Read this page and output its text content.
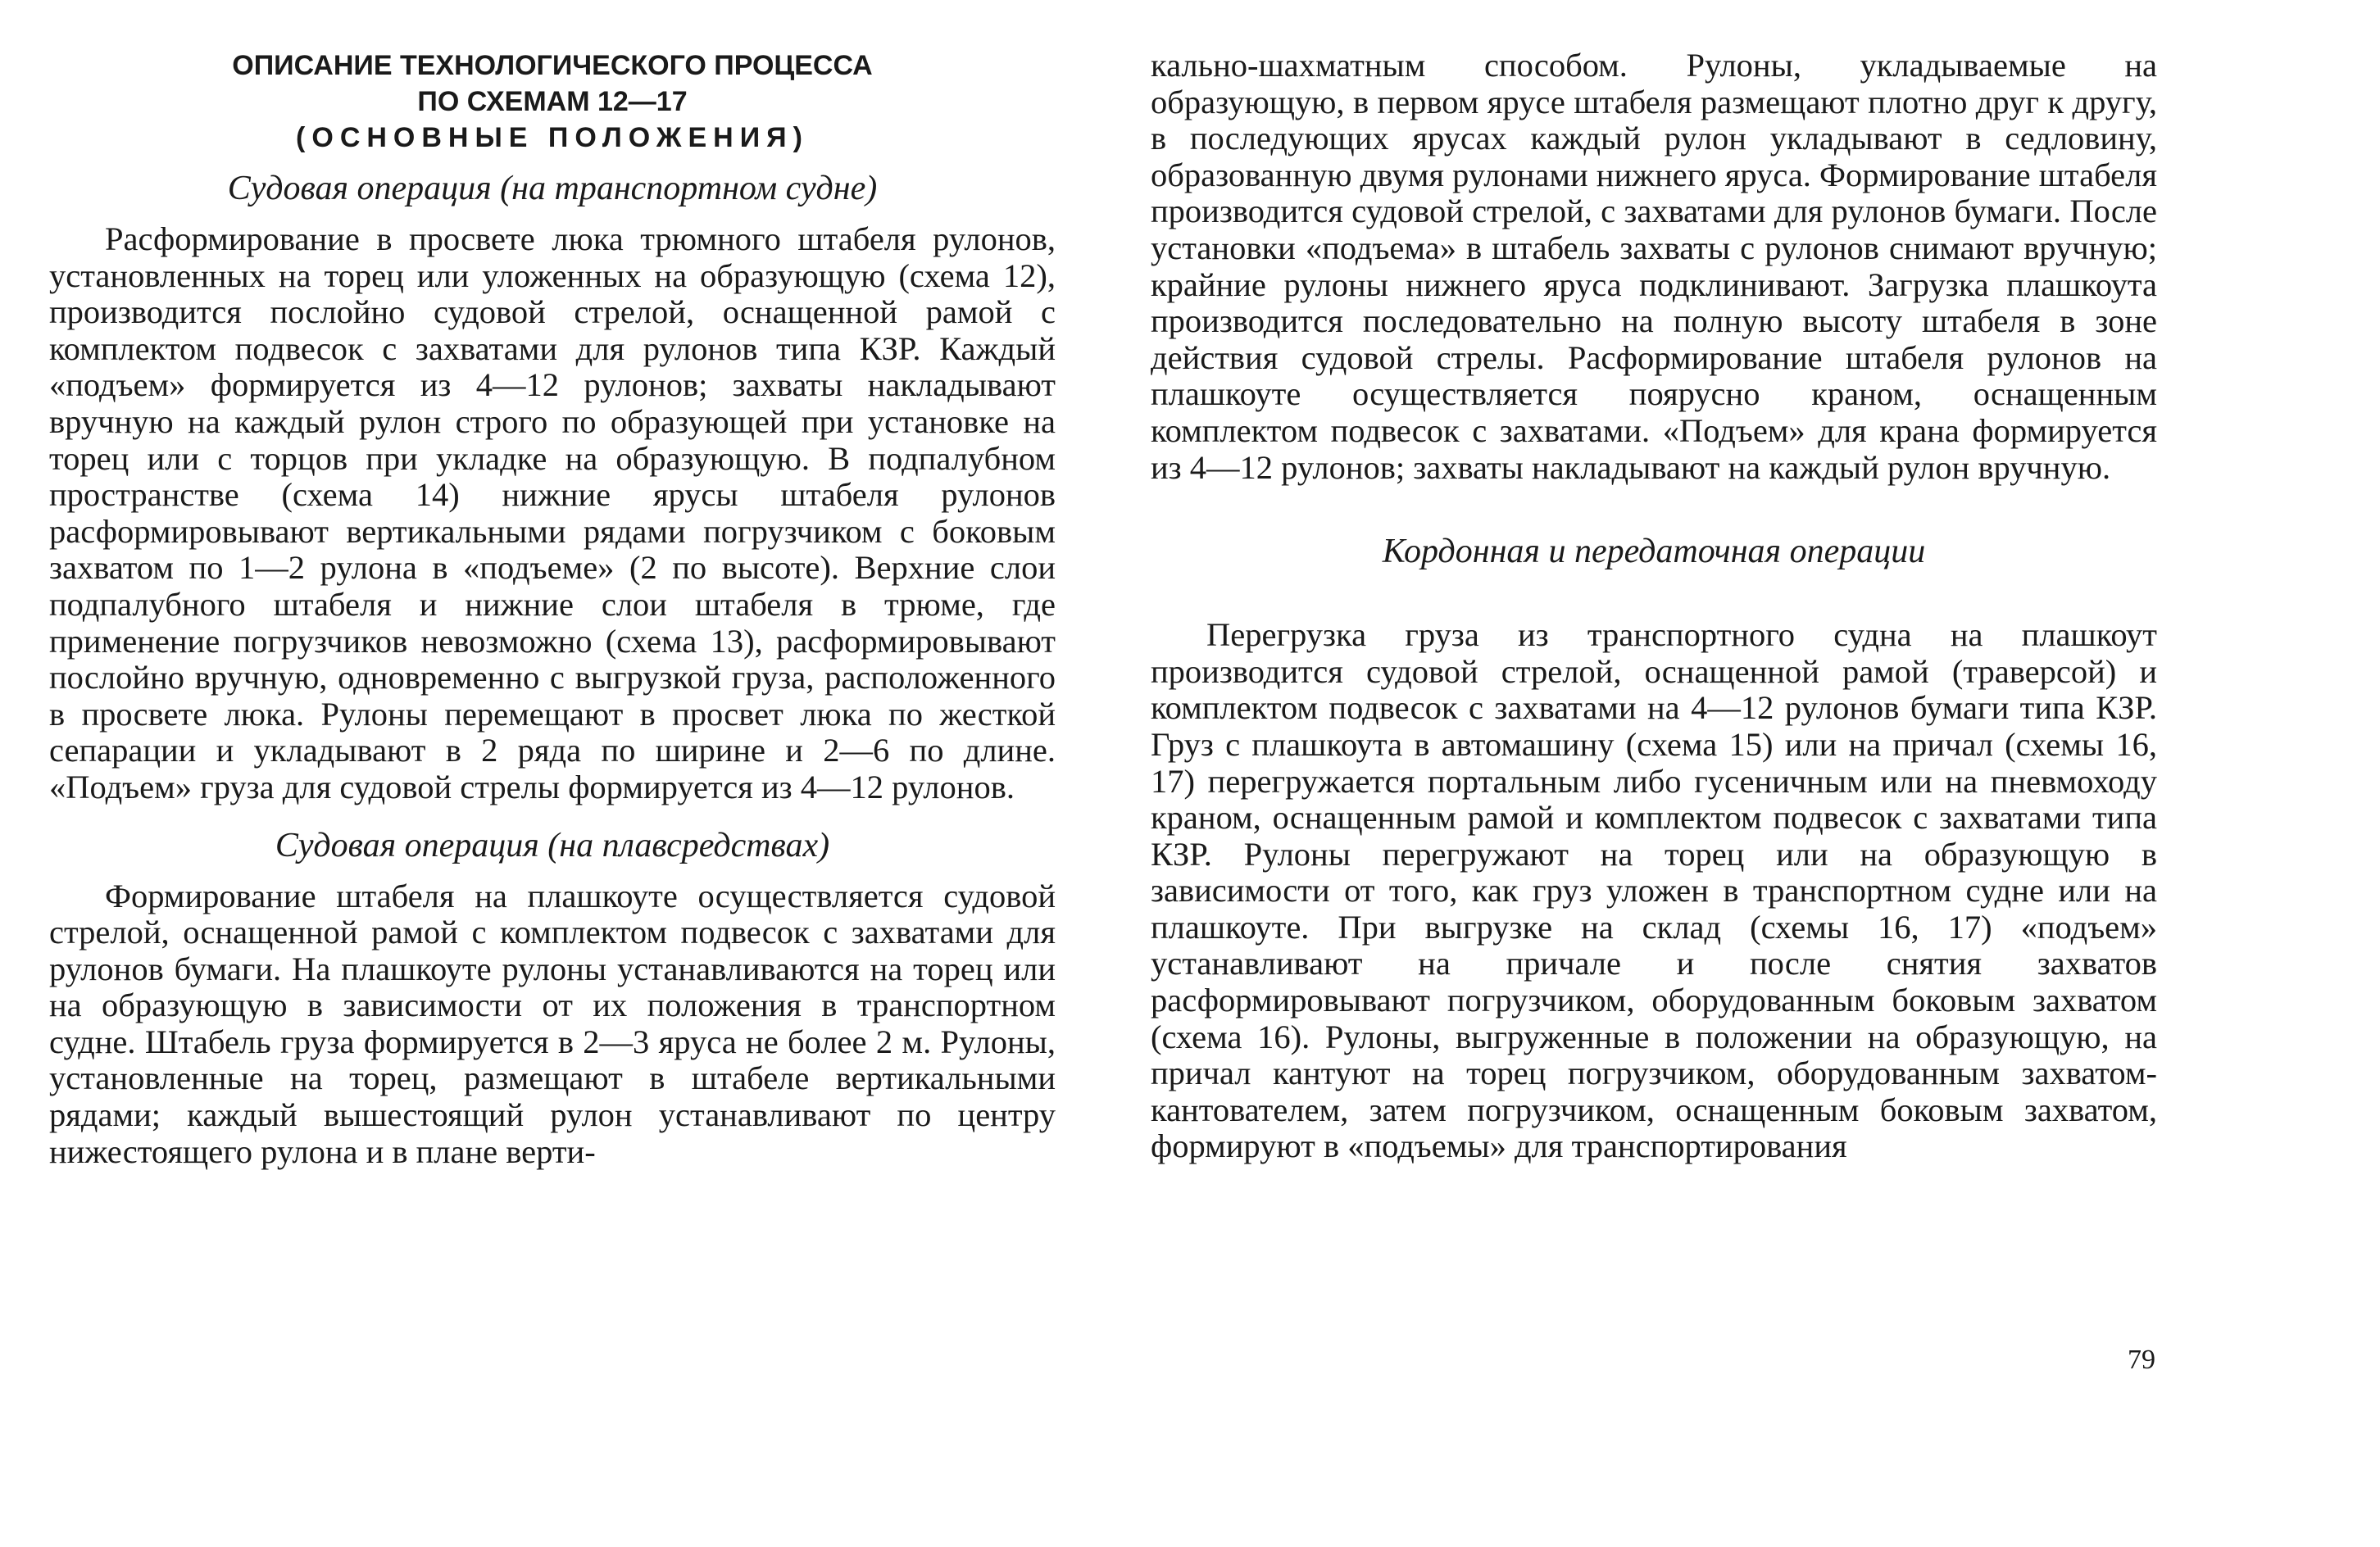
ОПИСАНИЕ ТЕХНОЛОГИЧЕСКОГО ПРОЦЕССА
ПО СХЕМАМ 12—17
(ОСНОВНЫЕ ПОЛОЖЕНИЯ)
Судовая операция (на транспортном судне)

Расформирование в просвете люка трюмного штабеля рулонов, установленных на торец или уложенных на образующую (схема 12), производится послойно судовой стрелой, оснащенной рамой с комплектом подвесок с захватами для рулонов типа КЗР. Каждый «подъем» формируется из 4—12 рулонов; захваты накладывают вручную на каждый рулон строго по образующей при установке на торец или с торцов при укладке на образующую. В подпалубном пространстве (схема 14) нижние ярусы штабеля рулонов расформировывают вертикальными рядами погрузчиком с боковым захватом по 1—2 рулона в «подъеме» (2 по высоте). Верхние слои подпалубного штабеля и нижние слои штабеля в трюме, где применение погрузчиков невозможно (схема 13), расформировывают послойно вручную, одновременно с выгрузкой груза, расположенного в просвете люка. Рулоны перемещают в просвет люка по жесткой сепарации и укладывают в 2 ряда по ширине и 2—6 по длине. «Подъем» груза для судовой стрелы формируется из 4—12 рулонов.

Судовая операция (на плавсредствах)

Формирование штабеля на плашкоуте осуществляется судовой стрелой, оснащенной рамой с комплектом подвесок с захватами для рулонов бумаги. На плашкоуте рулоны устанавливаются на торец или на образующую в зависимости от их положения в транспортном судне. Штабель груза формируется в 2—3 яруса не более 2 м. Рулоны, установленные на торец, размещают в штабеле вертикальными рядами; каждый вышестоящий рулон устанавливают по центру нижестоящего рулона и в плане верти-

кально-шахматным способом. Рулоны, укладываемые на образующую, в первом ярусе штабеля размещают плотно друг к другу, в последующих ярусах каждый рулон укладывают в седловину, образованную двумя рулонами нижнего яруса. Формирование штабеля производится судовой стрелой, с захватами для рулонов бумаги. После установки «подъема» в штабель захваты с рулонов снимают вручную; крайние рулоны нижнего яруса подклинивают. Загрузка плашкоута производится последовательно на полную высоту штабеля в зоне действия судовой стрелы. Расформирование штабеля рулонов на плашкоуте осуществляется поярусно краном, оснащенным комплектом подвесок с захватами. «Подъем» для крана формируется из 4—12 рулонов; захваты накладывают на каждый рулон вручную.

Кордонная и передаточная операции

Перегрузка груза из транспортного судна на плашкоут производится судовой стрелой, оснащенной рамой (траверсой) и комплектом подвесок с захватами на 4—12 рулонов бумаги типа КЗР. Груз с плашкоута в автомашину (схема 15) или на причал (схемы 16, 17) перегружается портальным либо гусеничным или на пневмоходу краном, оснащенным рамой и комплектом подвесок с захватами типа КЗР. Рулоны перегружают на торец или на образующую в зависимости от того, как груз уложен в транспортном судне или на плашкоуте. При выгрузке на склад (схемы 16, 17) «подъем» устанавливают на причале и после снятия захватов расформировывают погрузчиком, оборудованным боковым захватом (схема 16). Рулоны, выгруженные в положении на образующую, на причал кантуют на торец погрузчиком, оборудованным захватом-кантователем, затем погрузчиком, оснащенным боковым захватом, формируют в «подъемы» для транспортирования

79
